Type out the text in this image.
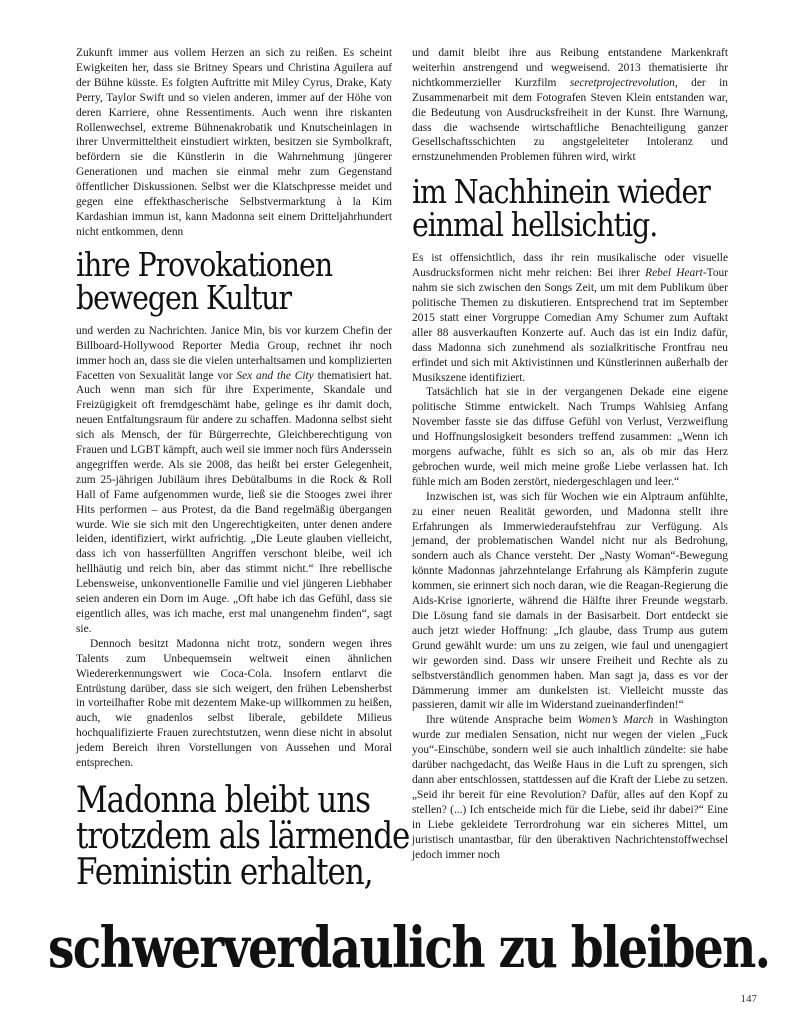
Zukunft immer aus vollem Herzen an sich zu reißen. Es scheint Ewigkeiten her, dass sie Britney Spears und Christina Aguilera auf der Bühne küsste. Es folgten Auftritte mit Miley Cyrus, Drake, Katy Perry, Taylor Swift und so vielen anderen, immer auf der Höhe von deren Karriere, ohne Ressentiments. Auch wenn ihre riskanten Rollenwechsel, extreme Bühnenakrobatik und Knutscheinlagen in ihrer Unvermitteltheit einstudiert wirkten, besitzen sie Symbolkraft, befördern sie die Künstlerin in die Wahrnehmung jüngerer Generationen und machen sie einmal mehr zum Gegenstand öffentlicher Diskussionen. Selbst wer die Klatschpresse meidet und gegen eine effekthascherische Selbstvermarktung à la Kim Kardashian immun ist, kann Madonna seit einem Dritteljahrhundert nicht entkommen, denn

ihre Provokationen
bewegen Kultur

und werden zu Nachrichten. Janice Min, bis vor kurzem Chefin der Billboard-Hollywood Reporter Media Group, rechnet ihr noch immer hoch an, dass sie die vielen unterhaltsamen und komplizierten Facetten von Sexualität lange vor Sex and the City thematisiert hat. Auch wenn man sich für ihre Experimente, Skandale und Freizügigkeit oft fremdgeschämt habe, gelinge es ihr damit doch, neuen Entfaltungsraum für andere zu schaffen. Madonna selbst sieht sich als Mensch, der für Bürgerrechte, Gleichberechtigung von Frauen und LGBT kämpft, auch weil sie immer noch fürs Anderssein angegriffen werde. Als sie 2008, das heißt bei erster Gelegenheit, zum 25-jährigen Jubiläum ihres Debütalbums in die Rock & Roll Hall of Fame aufgenommen wurde, ließ sie die Stooges zwei ihrer Hits performen – aus Protest, da die Band regelmäßig übergangen wurde. Wie sie sich mit den Ungerechtigkeiten, unter denen andere leiden, identifiziert, wirkt aufrichtig. „Die Leute glauben vielleicht, dass ich von hasserfüllten Angriffen verschont bleibe, weil ich hellhäutig und reich bin, aber das stimmt nicht.“ Ihre rebellische Lebensweise, unkonventionelle Familie und viel jüngeren Liebhaber seien anderen ein Dorn im Auge. „Oft habe ich das Gefühl, dass sie eigentlich alles, was ich mache, erst mal unangenehm finden“, sagt sie.

Dennoch besitzt Madonna nicht trotz, sondern wegen ihres Talents zum Unbequemsein weltweit einen ähnlichen Wiedererkennungswert wie Coca-Cola. Insofern entlarvt die Entrüstung darüber, dass sie sich weigert, den frühen Lebensherbst in vorteilhafter Robe mit dezentem Make-up willkommen zu heißen, auch, wie gnadenlos selbst liberale, gebildete Milieus hochqualifizierte Frauen zurechtstutzen, wenn diese nicht in absolut jedem Bereich ihren Vorstellungen von Aussehen und Moral entsprechen.

Madonna bleibt uns
trotzdem als lärmende
Feministin erhalten,

und damit bleibt ihre aus Reibung entstandene Markenkraft weiterhin anstrengend und wegweisend. 2013 thematisierte ihr nichtkommerzieller Kurzfilm secretprojectrevolution, der in Zusammenarbeit mit dem Fotografen Steven Klein entstanden war, die Bedeutung von Ausdrucksfreiheit in der Kunst. Ihre Warnung, dass die wachsende wirtschaftliche Benachteiligung ganzer Gesellschaftsschichten zu angstgeleiteter Intoleranz und ernstzunehmenden Problemen führen wird, wirkt

im Nachhinein wieder
einmal hellsichtig.

Es ist offensichtlich, dass ihr rein musikalische oder visuelle Ausdrucksformen nicht mehr reichen: Bei ihrer Rebel Heart-Tour nahm sie sich zwischen den Songs Zeit, um mit dem Publikum über politische Themen zu diskutieren. Entsprechend trat im September 2015 statt einer Vorgruppe Comedian Amy Schumer zum Auftakt aller 88 ausverkauften Konzerte auf. Auch das ist ein Indiz dafür, dass Madonna sich zunehmend als sozialkritische Frontfrau neu erfindet und sich mit Aktivistinnen und Künstlerinnen außerhalb der Musikszene identifiziert.

Tatsächlich hat sie in der vergangenen Dekade eine eigene politische Stimme entwickelt. Nach Trumps Wahlsieg Anfang November fasste sie das diffuse Gefühl von Verlust, Verzweiflung und Hoffnungslosigkeit besonders treffend zusammen: „Wenn ich morgens aufwache, fühlt es sich so an, als ob mir das Herz gebrochen wurde, weil mich meine große Liebe verlassen hat. Ich fühle mich am Boden zerstört, niedergeschlagen und leer.“

Inzwischen ist, was sich für Wochen wie ein Alptraum anfühlte, zu einer neuen Realität geworden, und Madonna stellt ihre Erfahrungen als Immerwiederaufstehfrau zur Verfügung. Als jemand, der problematischen Wandel nicht nur als Bedrohung, sondern auch als Chance versteht. Der „Nasty Woman“-Bewegung könnte Madonnas jahrzehntelange Erfahrung als Kämpferin zugute kommen, sie erinnert sich noch daran, wie die Reagan-Regierung die Aids-Krise ignorierte, während die Hälfte ihrer Freunde wegstarb. Die Lösung fand sie damals in der Basisarbeit. Dort entdeckt sie auch jetzt wieder Hoffnung: „Ich glaube, dass Trump aus gutem Grund gewählt wurde: um uns zu zeigen, wie faul und unengagiert wir geworden sind. Dass wir unsere Freiheit und Rechte als zu selbstverständlich genommen haben. Man sagt ja, dass es vor der Dämmerung immer am dunkelsten ist. Vielleicht musste das passieren, damit wir alle im Widerstand zueinanderfinden!“

Ihre wütende Ansprache beim Women’s March in Washington wurde zur medialen Sensation, nicht nur wegen der vielen „Fuck you“-Einschübe, sondern weil sie auch inhaltlich zündelte: sie habe darüber nachgedacht, das Weiße Haus in die Luft zu sprengen, sich dann aber entschlossen, stattdessen auf die Kraft der Liebe zu setzen. „Seid ihr bereit für eine Revolution? Dafür, alles auf den Kopf zu stellen? (...) Ich entscheide mich für die Liebe, seid ihr dabei?“ Eine in Liebe gekleidete Terrordrohung war ein sicheres Mittel, um juristisch unantastbar, für den überaktiven Nachrichtenstoffwechsel jedoch immer noch

schwerverdaulich zu bleiben.
147
